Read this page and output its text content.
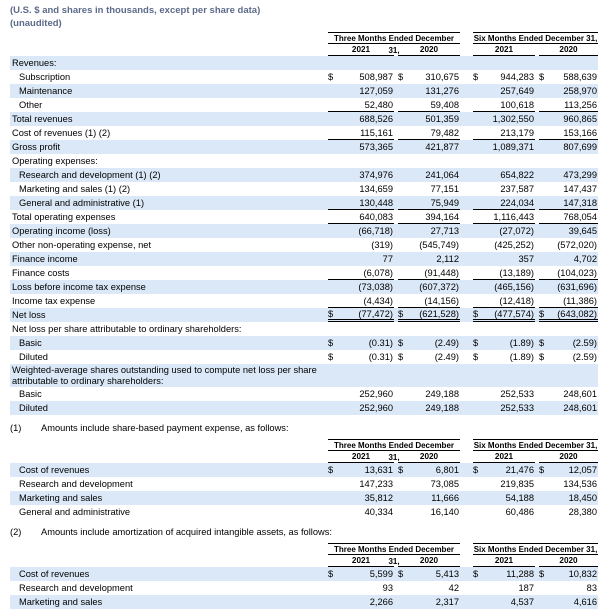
(U.S. $ and shares in thousands, except per share data)
(unaudited)

	Three Months Ended December 31,			Six Months Ended December 31,	

	2021	2020		2021	2020

Revenues:					
Subscription	$ 508,987	$ 310,675		$ 944,283	$ 588,639

Maintenance	127,059	131,276		257,649	258,970

Other	52,480	59,408		100,618	113,256

Total revenues	688,526	501,359		1,302,550	960,865

Cost of revenues (1) (2)	115,161	79,482		213,179	153,166

Gross profit	573,365	421,877		1,089,371	807,699

Operating expenses:					
Research and development (1) (2)	374,976	241,064		654,822	473,299

Marketing and sales (1) (2)	134,659	77,151		237,587	147,437

General and administrative (1)	130,448	75,949		224,034	147,318

Total operating expenses	640,083	394,164		1,116,443	768,054

Operating income (loss)	(66,718)	27,713		(27,072)	39,645

Other non-operating expense, net	(319)	(545,749)		(425,252)	(572,020)

Finance income	77	2,112		357	4,702

Finance costs	(6,078)	(91,448)		(13,189)	(104,023)

Loss before income tax expense	(73,038)	(607,372)		(465,156)	(631,696)

Income tax expense	(4,434)	(14,156)		(12,418)	(11,386)

Net loss	$ (77,472)	$ (621,528)		$ (477,574)	$ (643,082)

Net loss per share attributable to ordinary shareholders:					
Basic	$ (0.31)	$ (2.49)		$ (1.89)	$ (2.59)

Diluted	$ (0.31)	$ (2.49)		$ (1.89)	$ (2.59)

Weighted-average shares outstanding used to compute net loss per share attributable to ordinary shareholders:					
Basic	252,960	249,188		252,533	248,601

Diluted	252,960	249,188		252,533	248,601
(1)	Amounts include share-based payment expense, as follows:

	Three Months Ended December 31,			Six Months Ended December 31,	

	2021	2020		2021	2020

Cost of revenues	$ 13,631	$ 6,801		$ 21,476	$ 12,057

Research and development	147,233	73,085		219,835	134,536

Marketing and sales	35,812	11,666		54,188	18,450

General and administrative	40,334	16,140		60,486	28,380
(2)	Amounts include amortization of acquired intangible assets, as follows:

	Three Months Ended December 31,			Six Months Ended December 31,	

	2021	2020		2021	2020

Cost of revenues	$ 5,599	$ 5,413		$ 11,288	$ 10,832

Research and development	93	42		187	83

Marketing and sales	2,266	2,317		4,537	4,616
